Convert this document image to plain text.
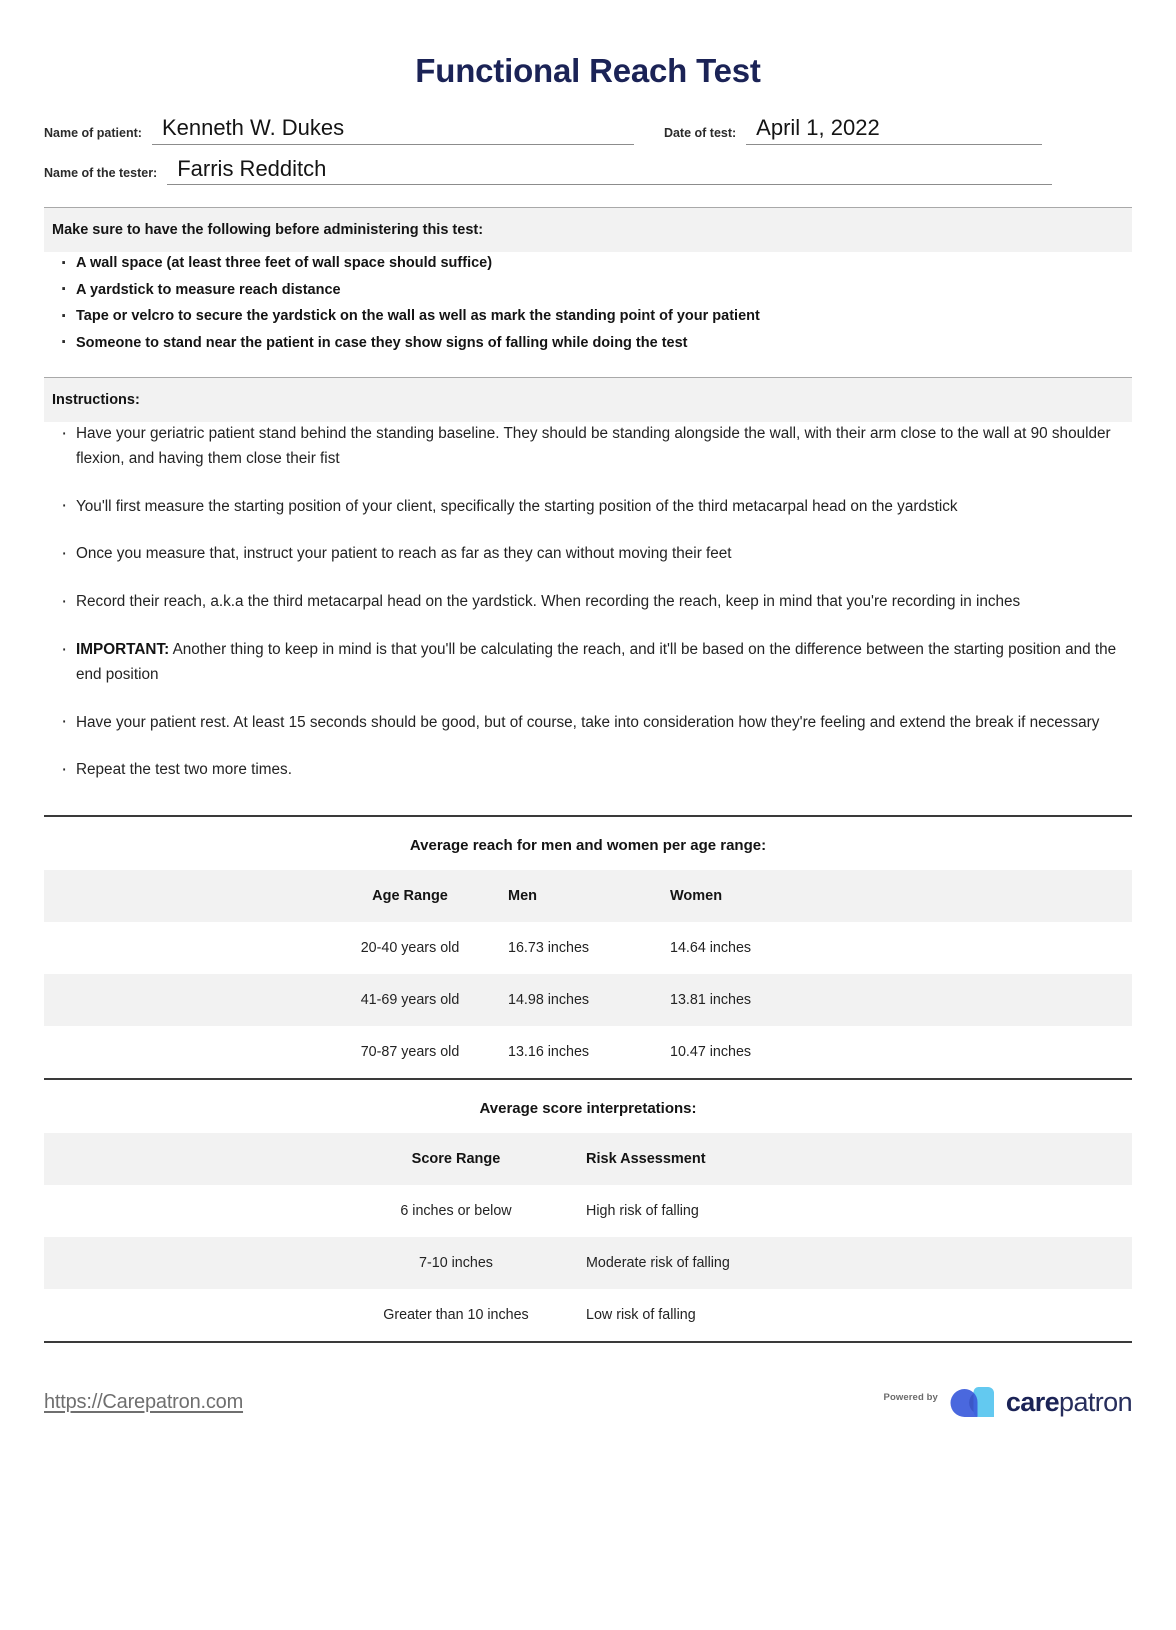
Functional Reach Test
Name of patient: Kenneth W. Dukes	Date of test: April 1, 2022
Name of the tester: Farris Redditch
Make sure to have the following before administering this test:
· A wall space (at least three feet of wall space should suffice)
· A yardstick to measure reach distance
· Tape or velcro to secure the yardstick on the wall as well as mark the standing point of your patient
· Someone to stand near the patient in case they show signs of falling while doing the test
Instructions:
· Have your geriatric patient stand behind the standing baseline. They should be standing alongside the wall, with their arm close to the wall at 90 shoulder flexion, and having them close their fist
· You'll first measure the starting position of your client, specifically the starting position of the third metacarpal head on the yardstick
· Once you measure that, instruct your patient to reach as far as they can without moving their feet
· Record their reach, a.k.a the third metacarpal head on the yardstick. When recording the reach, keep in mind that you're recording in inches
· IMPORTANT: Another thing to keep in mind is that you'll be calculating the reach, and it'll be based on the difference between the starting position and the end position
· Have your patient rest. At least 15 seconds should be good, but of course, take into consideration how they're feeling and extend the break if necessary
· Repeat the test two more times.
Average reach for men and women per age range:
	Age Range	Men	Women	
	20-40 years old	16.73 inches	14.64 inches	
	41-69 years old	14.98 inches	13.81 inches	
	70-87 years old	13.16 inches	10.47 inches	
Average score interpretations:
	Score Range	Risk Assessment	
	6 inches or below	High risk of falling	
	7-10 inches	Moderate risk of falling	
	Greater than 10 inches	Low risk of falling	
https://Carepatron.com	Powered by	carepatron
